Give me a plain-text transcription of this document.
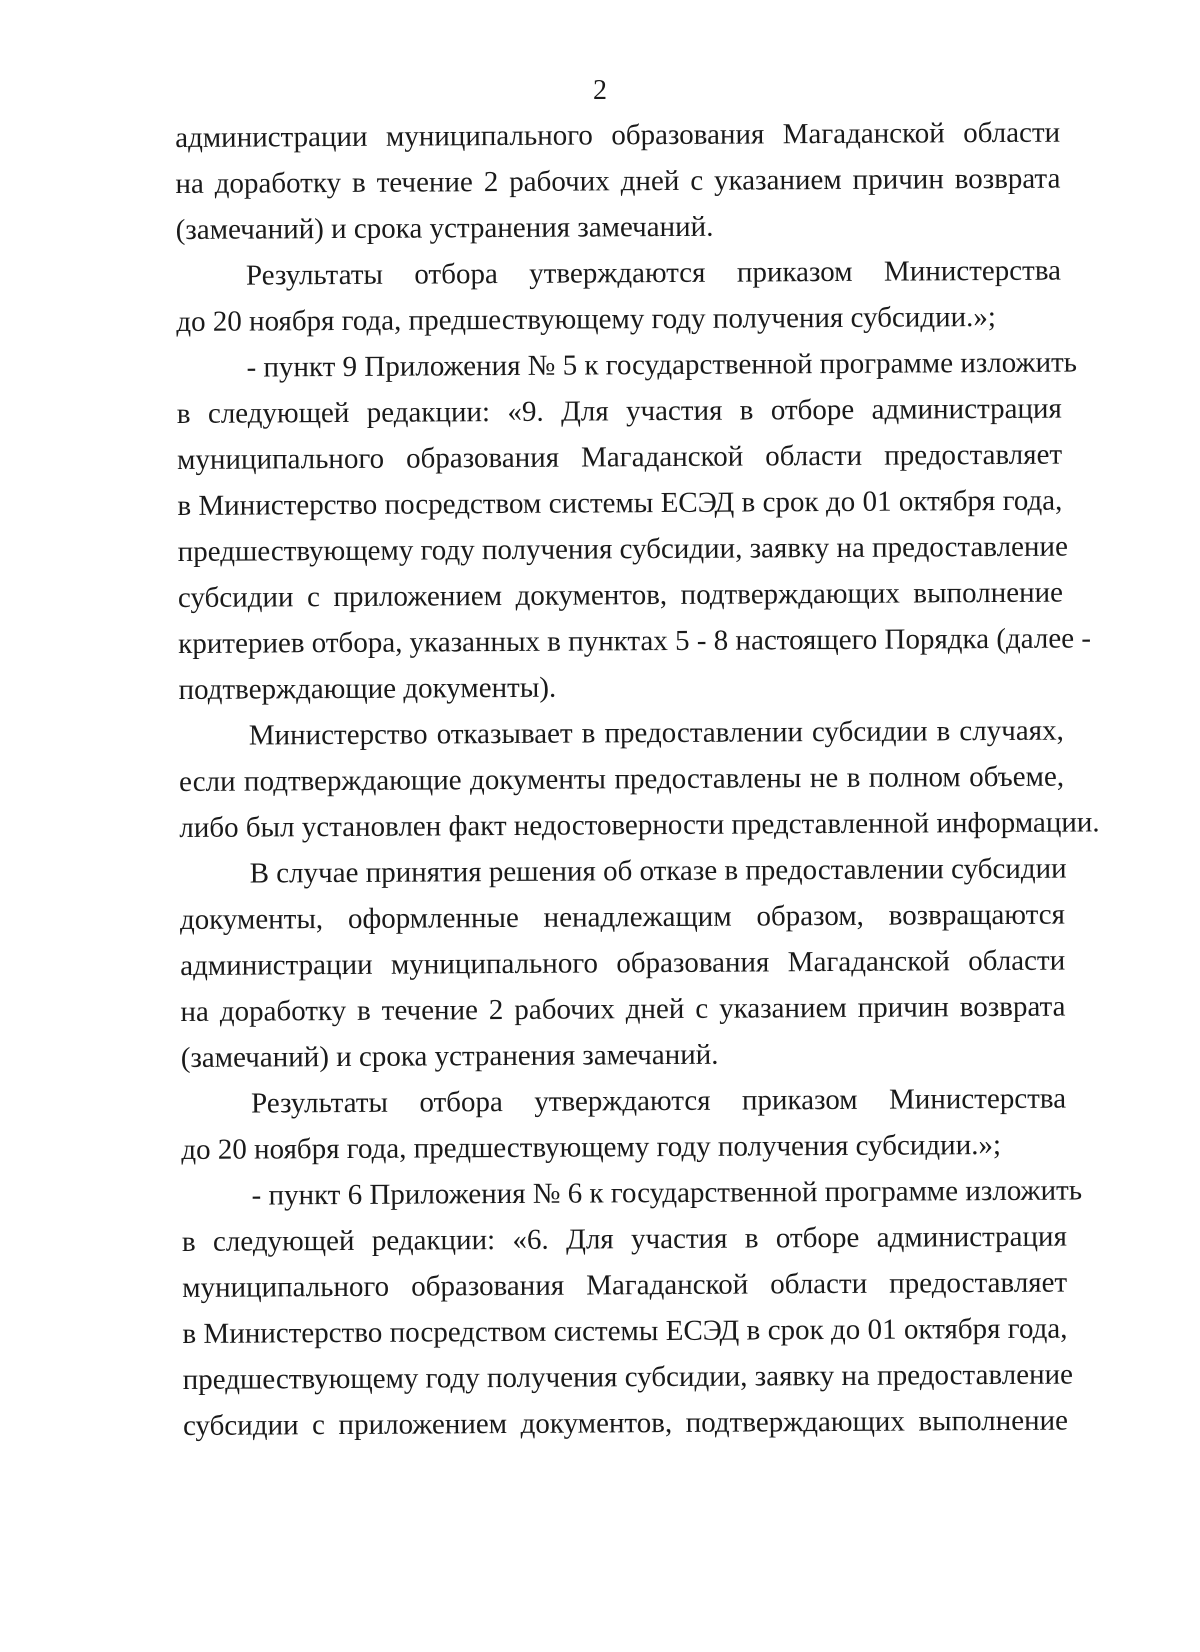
2
администрации муниципального образования Магаданской области
на доработку в течение 2 рабочих дней с указанием причин возврата
(замечаний) и срока устранения замечаний.
Результаты отбора утверждаются приказом Министерства
до 20 ноября года, предшествующему году получения субсидии.»;
- пункт 9 Приложения № 5 к государственной программе изложить
в следующей редакции: «9. Для участия в отборе администрация
муниципального образования Магаданской области предоставляет
в Министерство посредством системы ЕСЭД в срок до 01 октября года,
предшествующему году получения субсидии, заявку на предоставление
субсидии с приложением документов, подтверждающих выполнение
критериев отбора, указанных в пунктах 5 - 8 настоящего Порядка (далее -
подтверждающие документы).
Министерство отказывает в предоставлении субсидии в случаях,
если подтверждающие документы предоставлены не в полном объеме,
либо был установлен факт недостоверности представленной информации.
В случае принятия решения об отказе в предоставлении субсидии
документы, оформленные ненадлежащим образом, возвращаются
администрации муниципального образования Магаданской области
на доработку в течение 2 рабочих дней с указанием причин возврата
(замечаний) и срока устранения замечаний.
Результаты отбора утверждаются приказом Министерства
до 20 ноября года, предшествующему году получения субсидии.»;
- пункт 6 Приложения № 6 к государственной программе изложить
в следующей редакции: «6. Для участия в отборе администрация
муниципального образования Магаданской области предоставляет
в Министерство посредством системы ЕСЭД в срок до 01 октября года,
предшествующему году получения субсидии, заявку на предоставление
субсидии с приложением документов, подтверждающих выполнение
